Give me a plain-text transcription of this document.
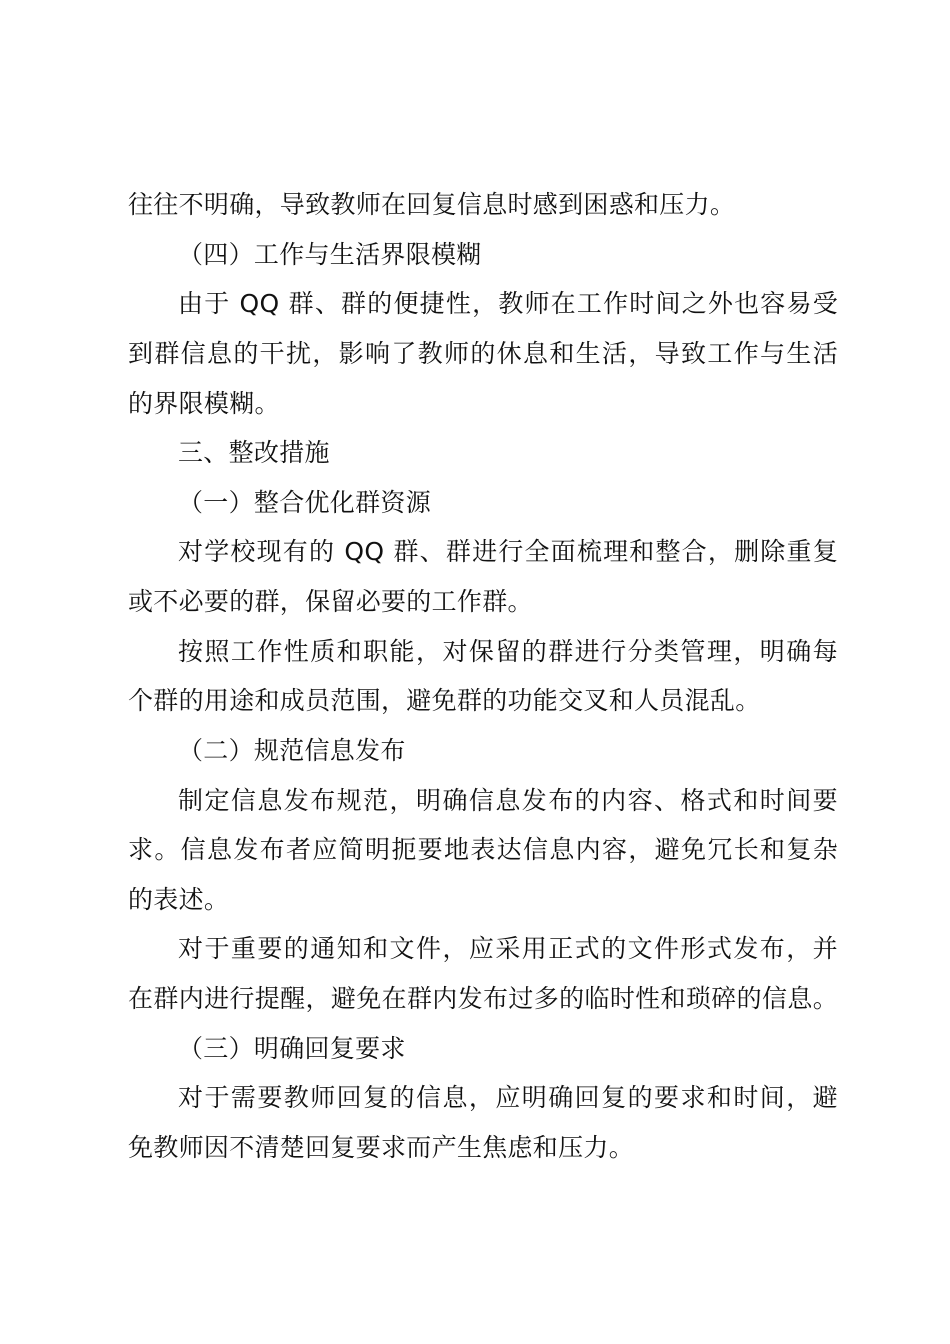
往往不明确，导致教师在回复信息时感到困惑和压力。
（四）工作与生活界限模糊
由于 QQ 群、群的便捷性，教师在工作时间之外也容易受
到群信息的干扰，影响了教师的休息和生活，导致工作与生活
的界限模糊。
三、整改措施
（一）整合优化群资源
对学校现有的 QQ 群、群进行全面梳理和整合，删除重复
或不必要的群，保留必要的工作群。
按照工作性质和职能，对保留的群进行分类管理，明确每
个群的用途和成员范围，避免群的功能交叉和人员混乱。
（二）规范信息发布
制定信息发布规范，明确信息发布的内容、格式和时间要
求。信息发布者应简明扼要地表达信息内容，避免冗长和复杂
的表述。
对于重要的通知和文件，应采用正式的文件形式发布，并
在群内进行提醒，避免在群内发布过多的临时性和琐碎的信息。
（三）明确回复要求
对于需要教师回复的信息，应明确回复的要求和时间，避
免教师因不清楚回复要求而产生焦虑和压力。
